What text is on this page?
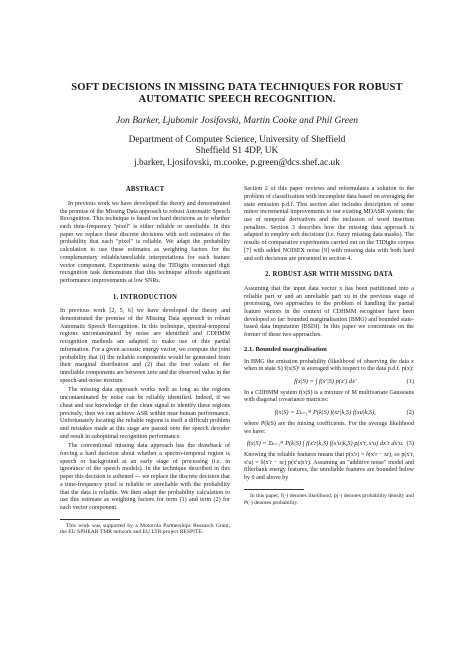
SOFT DECISIONS IN MISSING DATA TECHNIQUES FOR ROBUST
AUTOMATIC SPEECH RECOGNITION.
Jon Barker, Ljubomir Josifovski, Martin Cooke and Phil Green
Department of Computer Science, University of Sheffield
Sheffield S1 4DP, UK
j.barker, l.josifovski, m.cooke, p.green@dcs.shef.ac.uk
ABSTRACT

In previous work we have developed the theory and demonstrated the promise of the Missing Data approach to robust Automatic Speech Recognition. This technique is based on hard decisions as to whether each time-frequency "pixel" is either reliable or unreliable. In this paper we replace these discrete decisions with soft estimates of the probability that each "pixel" is reliable. We adapt the probability calculation to use these estimates as weighting factors for the complementary reliable/unreliable interpretations for each feature vector component. Experiments using the TIDigits connected digit recognition task demonstrate that this technique affords significant performance improvements at low SNRs.

1. INTRODUCTION

In previous work [2, 5, 6] we have developed the theory and demonstrated the promise of the Missing Data approach to robust Automatic Speech Recognition. In this technique, spectral-temporal regions uncontaminated by noise are identified and CDHMM recognition methods are adapted to make use of this partial information. For a given acoustic energy vector, we compute the joint probability that (i) the reliable components would be generated from their marginal distribution and (2) that the true values of the unreliable components are between zero and the observed value in the speech-and-noise mixture.

The missing data approach works well as long as the regions uncontaminated by noise can be reliably identified. Indeed, if we cheat and use knowledge of the clean signal to identify these regions precisely, then we can achieve ASR within near human performance. Unfortunately locating the reliable regions is itself a difficult problem and mistakes made at this stage are passed onto the speech decoder and result in suboptimal recognition performance.

The conventional missing data approach has the drawback of forcing a hard decision about whether a spectro-temporal region is speech or background at an early stage of processing (i.e. in ignorance of the speech models). In the technique described in this paper this decision is softened — we replace the discrete decision that a time-frequency pixel is reliable or unreliable with the probability that the data is reliable. We then adapt the probability calculation to use this estimate as weighting factors for term (1) and term (2) for each vector component.

This work was supported by a Motorola Partnerships Research Grant, the EU SPHEAR TMR network and EU LTR project RESPITE.

Section 2 of this paper reviews and reformulates a solution to the problem of classification with incomplete data based on averaging the state emission p.d.f. This section also includes description of some minor incremental improvements to our existing MDASR system: the use of temporal derivatives and the inclusion of word insertion penalties. Section 3 describes how the missing data approach is adapted to employ soft decisions (i.e. fuzzy missing data masks). The results of comparative experiments carried out on the TIDigits corpus [7] with added NOISEX noise [9] with missing data with both hard and soft decisions are presented in section 4.

2. ROBUST ASR WITH MISSING DATA

Assuming that the input data vector x has been partitioned into a reliable part xr and an unreliable part xu in the previous stage of processing, two approaches to the problem of handling the partial feature vectors in the context of CDHMM recogniser have been developed so far: bounded marginalisation (BMG) and bounded state-based data imputation (BSDI). In this paper we concentrate on the former of these two approaches.

2.1. Bounded marginalisation

In BMG the emission probability (likelihood of observing the data x when in state S) f(x|S)¹ is averaged with respect to the data p.d.f. p(x):

f(x|S) = ∫ f(x′|S) p(x′) dx′	(1)

In a CDHMM system f(x|S) is a mixture of M multivariate Gaussians with diagonal covariance matrices:

f(x|S) = Σₖ₌₁ᴹ P(k|S) f(xr|k,S) f(xu|k,S),	(2)

where P(k|S) are the mixing coefficients. For the average likelihood we have:

f(x|S) = Σₖ₌₁ᴹ P(k|S) ∫ f(x′r|k,S) f(x′u|k,S) p(x′r, x′u) dx′r dx′u. (3)

Knowing the reliable features means that p(x′r) = δ(x′r − xr), so p(x′r, x′u) = δ(x′r − xr) p(x′u|x′r). Assuming an "additive noise" model and filterbank energy features, the unreliable features are bounded below by 0 and above by

In this paper, f(·) denotes likelihood, p(·) denotes probability density and P(·) denotes probability.
